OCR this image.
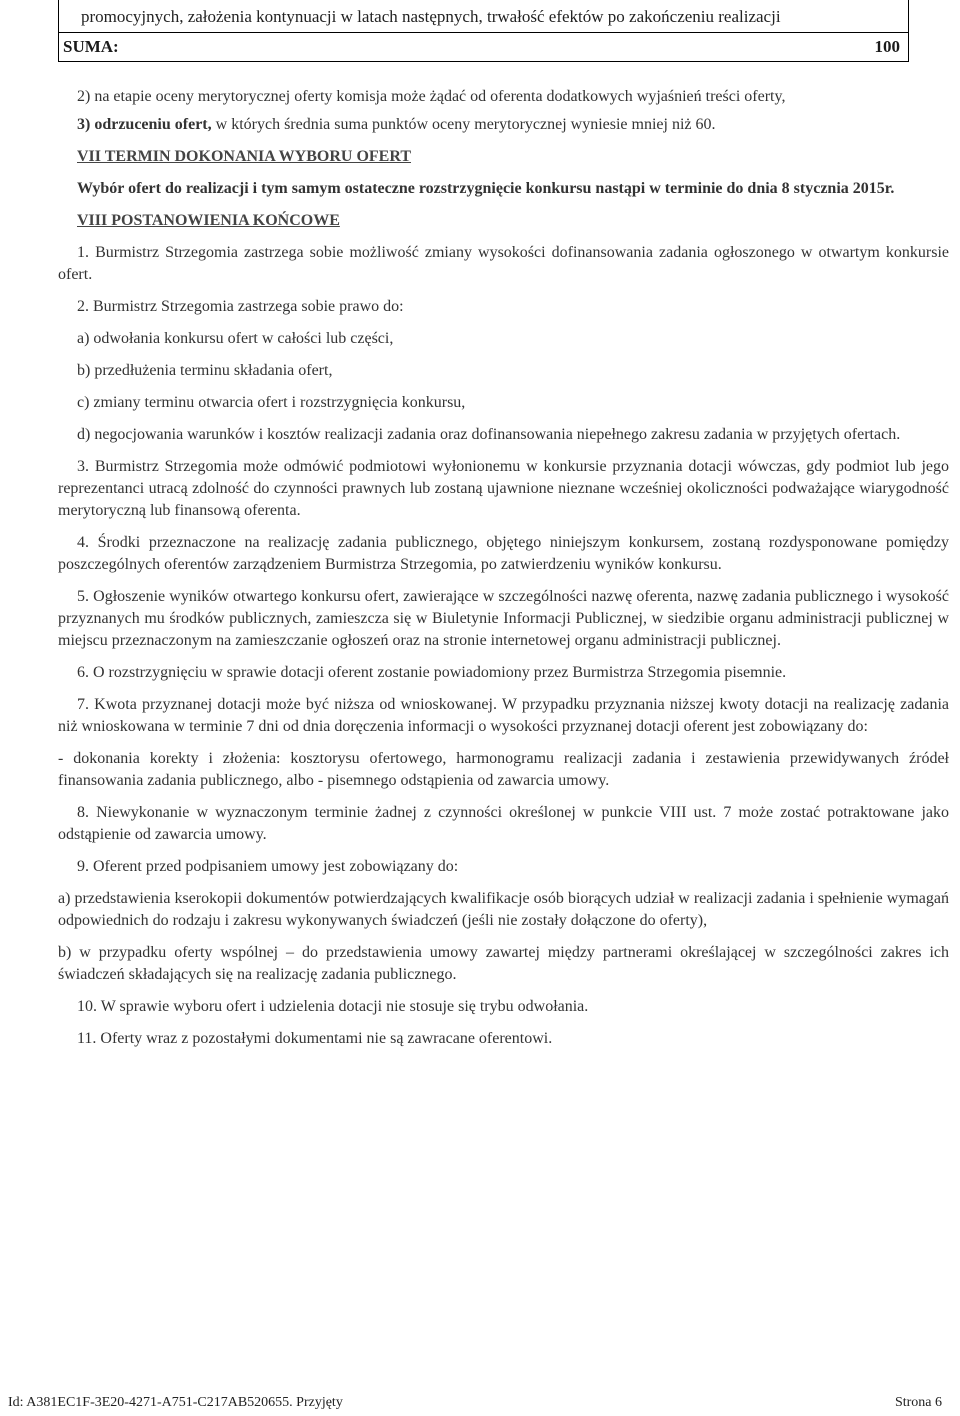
promocyjnych, założenia kontynuacji w latach następnych, trwałość efektów po zakończeniu realizacji
SUMA:	100

2) na etapie oceny merytorycznej oferty komisja może żądać od oferenta dodatkowych wyjaśnień treści oferty,

3) odrzuceniu ofert, w których średnia suma punktów oceny merytorycznej wyniesie mniej niż 60.

VII TERMIN DOKONANIA WYBORU OFERT

Wybór ofert do realizacji i tym samym ostateczne rozstrzygnięcie konkursu nastąpi w terminie do dnia 8 stycznia 2015r.

VIII POSTANOWIENIA KOŃCOWE

1. Burmistrz Strzegomia zastrzega sobie możliwość zmiany wysokości dofinansowania zadania ogłoszonego w otwartym konkursie ofert.

2. Burmistrz Strzegomia zastrzega sobie prawo do:

a) odwołania konkursu ofert w całości lub części,

b) przedłużenia terminu składania ofert,

c) zmiany terminu otwarcia ofert i rozstrzygnięcia konkursu,

d) negocjowania warunków i kosztów realizacji zadania oraz dofinansowania niepełnego zakresu zadania w przyjętych ofertach.

3. Burmistrz Strzegomia może odmówić podmiotowi wyłonionemu w konkursie przyznania dotacji wówczas, gdy podmiot lub jego reprezentanci utracą zdolność do czynności prawnych lub zostaną ujawnione nieznane wcześniej okoliczności podważające wiarygodność merytoryczną lub finansową oferenta.

4. Środki przeznaczone na realizację zadania publicznego, objętego niniejszym konkursem, zostaną rozdysponowane pomiędzy poszczególnych oferentów zarządzeniem Burmistrza Strzegomia, po zatwierdzeniu wyników konkursu.

5. Ogłoszenie wyników otwartego konkursu ofert, zawierające w szczególności nazwę oferenta, nazwę zadania publicznego i wysokość przyznanych mu środków publicznych, zamieszcza się w Biuletynie Informacji Publicznej, w siedzibie organu administracji publicznej w miejscu przeznaczonym na zamieszczanie ogłoszeń oraz na stronie internetowej organu administracji publicznej.

6. O rozstrzygnięciu w sprawie dotacji oferent zostanie powiadomiony przez Burmistrza Strzegomia pisemnie.

7. Kwota przyznanej dotacji może być niższa od wnioskowanej. W przypadku przyznania niższej kwoty dotacji na realizację zadania niż wnioskowana w terminie 7 dni od dnia doręczenia informacji o wysokości przyznanej dotacji oferent jest zobowiązany do:

- dokonania korekty i złożenia: kosztorysu ofertowego, harmonogramu realizacji zadania i zestawienia przewidywanych źródeł finansowania zadania publicznego, albo - pisemnego odstąpienia od zawarcia umowy.

8. Niewykonanie w wyznaczonym terminie żadnej z czynności określonej w punkcie VIII ust. 7 może zostać potraktowane jako odstąpienie od zawarcia umowy.

9. Oferent przed podpisaniem umowy jest zobowiązany do:

a) przedstawienia kserokopii dokumentów potwierdzających kwalifikacje osób biorących udział w realizacji zadania i spełnienie wymagań odpowiednich do rodzaju i zakresu wykonywanych świadczeń (jeśli nie zostały dołączone do oferty),

b) w przypadku oferty wspólnej – do przedstawienia umowy zawartej między partnerami określającej w szczególności zakres ich świadczeń składających się na realizację zadania publicznego.

10. W sprawie wyboru ofert i udzielenia dotacji nie stosuje się trybu odwołania.

11. Oferty wraz z pozostałymi dokumentami nie są zawracane oferentowi.

Id: A381EC1F-3E20-4271-A751-C217AB520655. Przyjęty	Strona 6
